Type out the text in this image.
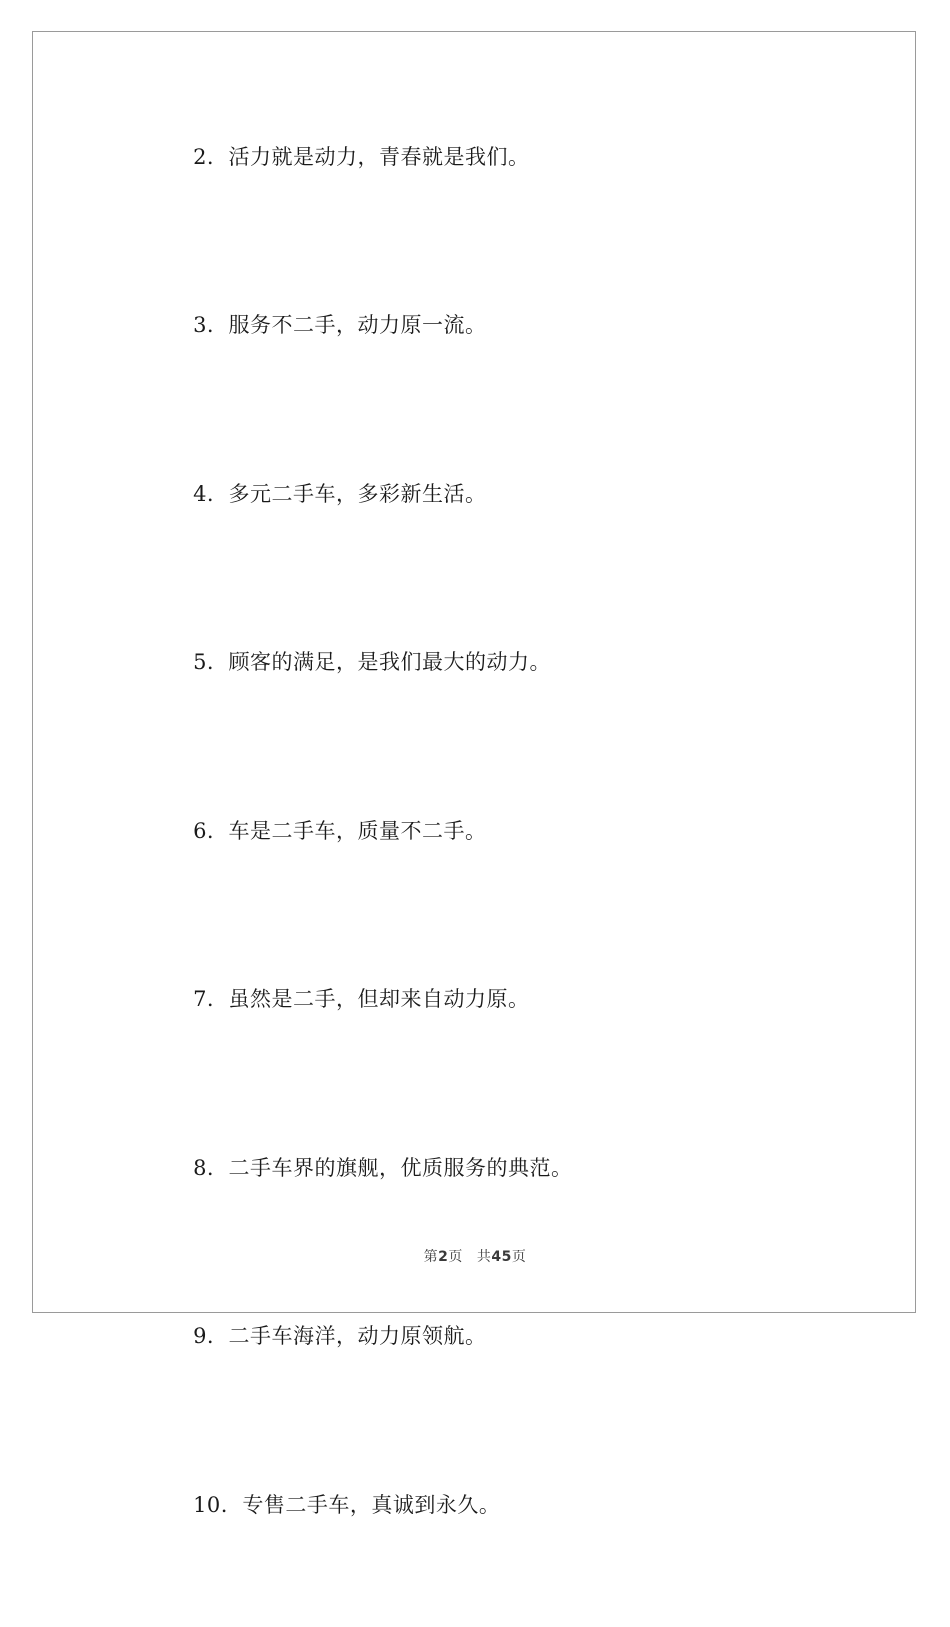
2. 活力就是动力，青春就是我们。

3. 服务不二手，动力原一流。

4. 多元二手车，多彩新生活。

5. 顾客的满足，是我们最大的动力。

6. 车是二手车，质量不二手。

7. 虽然是二手，但却来自动力原。

8. 二手车界的旗舰，优质服务的典范。

9. 二手车海洋，动力原领航。

10. 专售二手车，真诚到永久。

第2页 共45页
